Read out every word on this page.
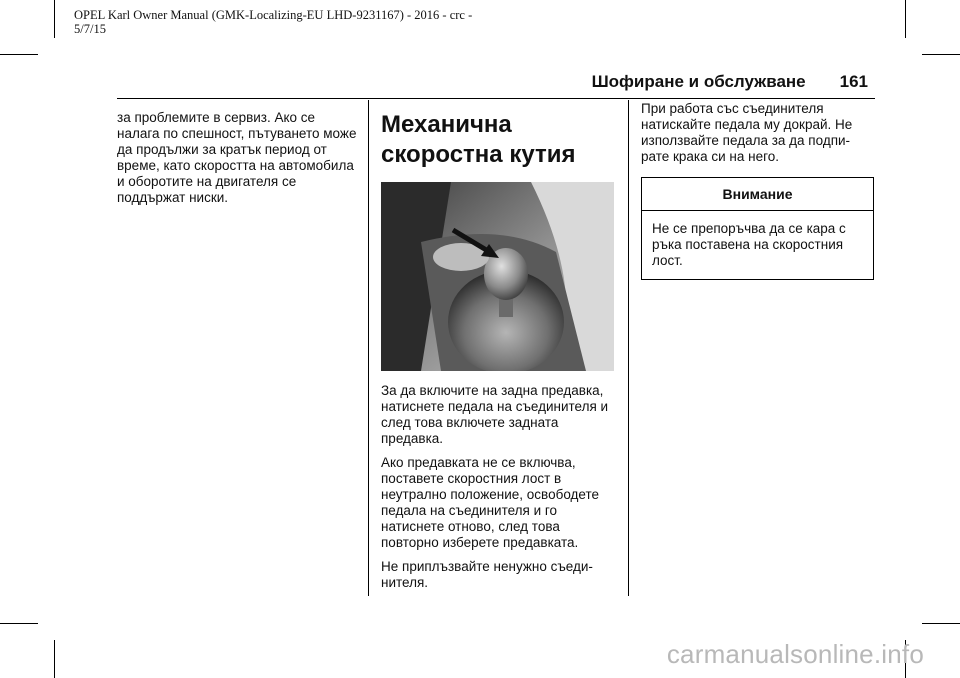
OPEL Karl Owner Manual (GMK-Localizing-EU LHD-9231167) - 2016 - crc -
5/7/15
Шофиране и обслужване 161

за проблемите в сервиз. Ако се налага по спешност, пътуването може да продължи за кратък период от време, като скоростта на автомобила и оборотите на двигателя се поддържат ниски.

Механична
скоростна кутия

За да включите на задна предавка, натиснете педала на съединителя и след това включете задната предавка.

Ако предавката не се включва, поставете скоростния лост в неутрално положение, освободете педала на съединителя и го натиснете отново, след това повторно изберете предавката.

Не приплъзвайте ненужно съеди- нителя.

При работа със съединителя натискайте педала му докрай. Не използвайте педала за да подпи- рате крака си на него.

Внимание
Не се препоръчва да се кара с ръка поставена на скоростния лост.
carmanualsonline.info
